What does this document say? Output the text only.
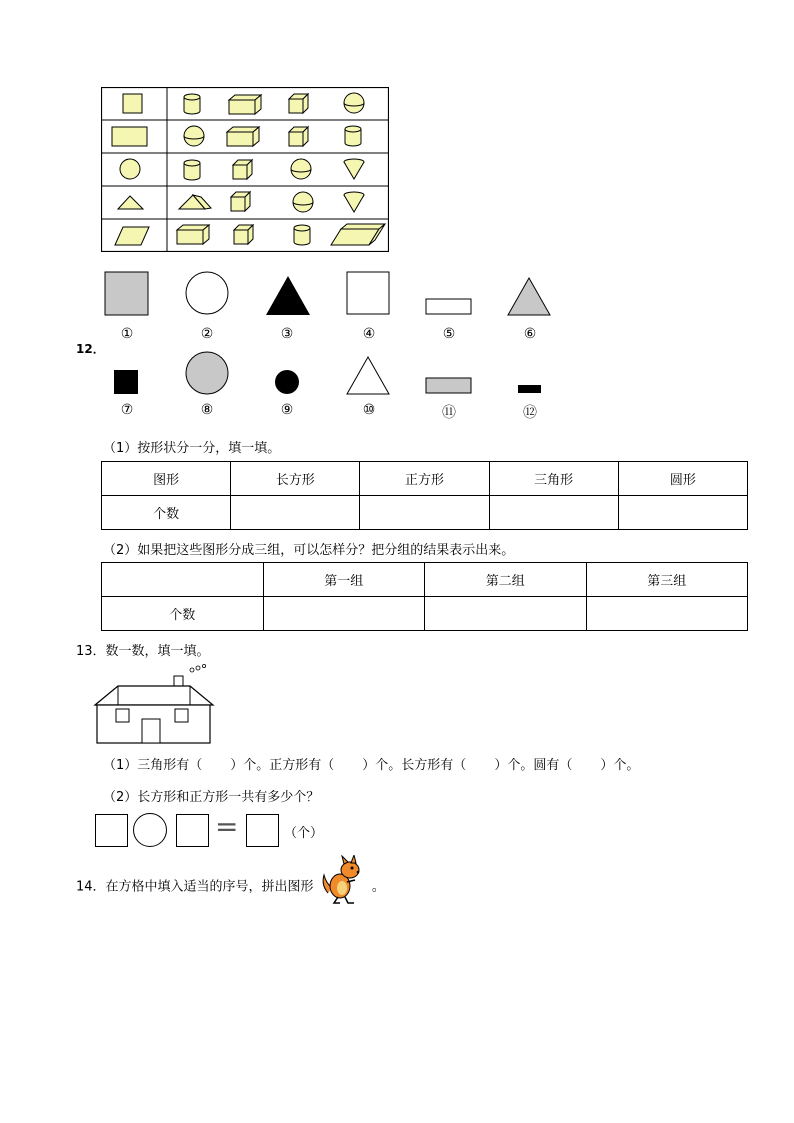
12．
①	②	③	④	⑤	⑥
⑦	⑧	⑨	⑩	⑪	⑫
（1）按形状分一分，填一填。
图形	长方形	正方形	三角形	圆形
个数				
（2）如果把这些图形分成三组，可以怎样分？把分组的结果表示出来。
	第一组	第二组	第三组
个数			
13．数一数，填一填。
（1）三角形有（ ）个。正方形有（ ）个。长方形有（ ）个。圆有（ ）个。
（2）长方形和正方形一共有多少个？
=	（个）
14．在方格中填入适当的序号，拼出图形	。
